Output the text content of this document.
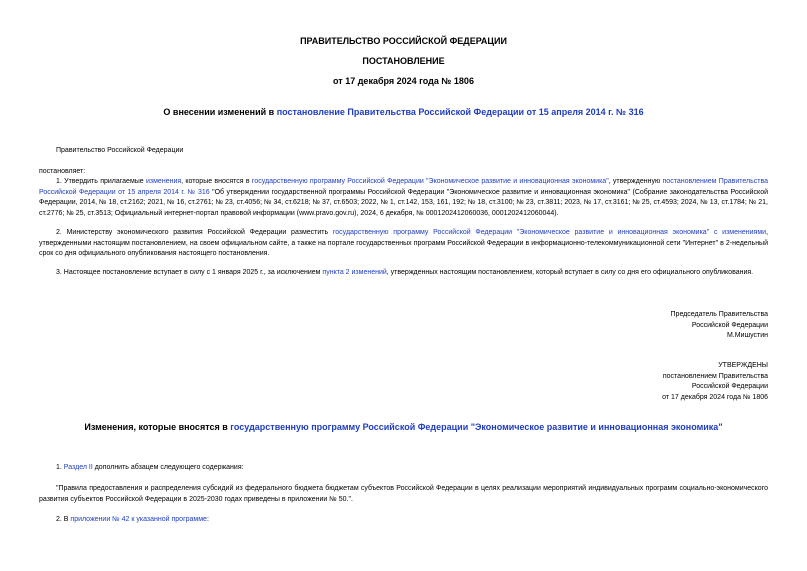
ПРАВИТЕЛЬСТВО РОССИЙСКОЙ ФЕДЕРАЦИИ
ПОСТАНОВЛЕНИЕ
от 17 декабря 2024 года № 1806
О внесении изменений в постановление Правительства Российской Федерации от 15 апреля 2014 г. № 316
Правительство Российской Федерации
постановляет:
1. Утвердить прилагаемые изменения, которые вносятся в государственную программу Российской Федерации "Экономическое развитие и инновационная экономика", утвержденную постановлением Правительства Российской Федерации от 15 апреля 2014 г. № 316 "Об утверждении государственной программы Российской Федерации "Экономическое развитие и инновационная экономика" (Собрание законодательства Российской Федерации, 2014, № 18, ст.2162; 2021, № 16, ст.2761; № 23, ст.4056; № 34, ст.6218; № 37, ст.6503; 2022, № 1, ст.142, 153, 161, 192; № 18, ст.3100; № 23, ст.3811; 2023, № 17, ст.3161; № 25, ст.4593; 2024, № 13, ст.1784; № 21, ст.2776; № 25, ст.3513; Официальный интернет-портал правовой информации (www.pravo.gov.ru), 2024, 6 декабря, № 0001202412060036, 0001202412060044).
2. Министерству экономического развития Российской Федерации разместить государственную программу Российской Федерации "Экономическое развитие и инновационная экономика" с изменениями, утвержденными настоящим постановлением, на своем официальном сайте, а также на портале государственных программ Российской Федерации в информационно-телекоммуникационной сети "Интернет" в 2-недельный срок со дня официального опубликования настоящего постановления.
3. Настоящее постановление вступает в силу с 1 января 2025 г., за исключением пункта 2 изменений, утвержденных настоящим постановлением, который вступает в силу со дня его официального опубликования.
Председатель Правительства
Российской Федерации
М.Мишустин
УТВЕРЖДЕНЫ
постановлением Правительства
Российской Федерации
от 17 декабря 2024 года № 1806
Изменения, которые вносятся в государственную программу Российской Федерации "Экономическое развитие и инновационная экономика"
1. Раздел II дополнить абзацем следующего содержания:
"Правила предоставления и распределения субсидий из федерального бюджета бюджетам субъектов Российской Федерации в целях реализации мероприятий индивидуальных программ социально-экономического развития субъектов Российской Федерации в 2025-2030 годах приведены в приложении № 50.".
2. В приложении № 42 к указанной программе:
